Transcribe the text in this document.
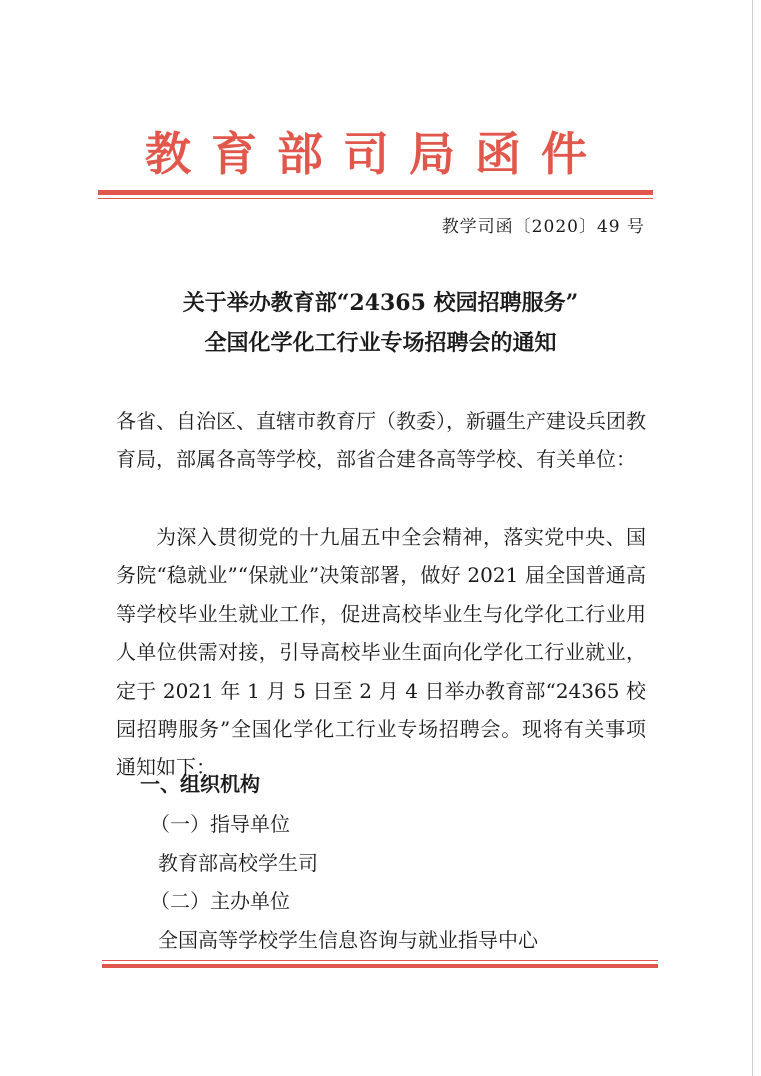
教育部司局函件
教学司函〔2020〕49 号
关于举办教育部“24365 校园招聘服务”
全国化学化工行业专场招聘会的通知

各省、自治区、直辖市教育厅（教委），新疆生产建设兵团教育局，部属各高等学校，部省合建各高等学校、有关单位：

为深入贯彻党的十九届五中全会精神，落实党中央、国务院“稳就业”“保就业”决策部署，做好 2021 届全国普通高等学校毕业生就业工作，促进高校毕业生与化学化工行业用人单位供需对接，引导高校毕业生面向化学化工行业就业，定于 2021 年 1 月 5 日至 2 月 4 日举办教育部“24365 校园招聘服务”全国化学化工行业专场招聘会。现将有关事项通知如下：

一、组织机构
（一）指导单位
教育部高校学生司
（二）主办单位
全国高等学校学生信息咨询与就业指导中心
